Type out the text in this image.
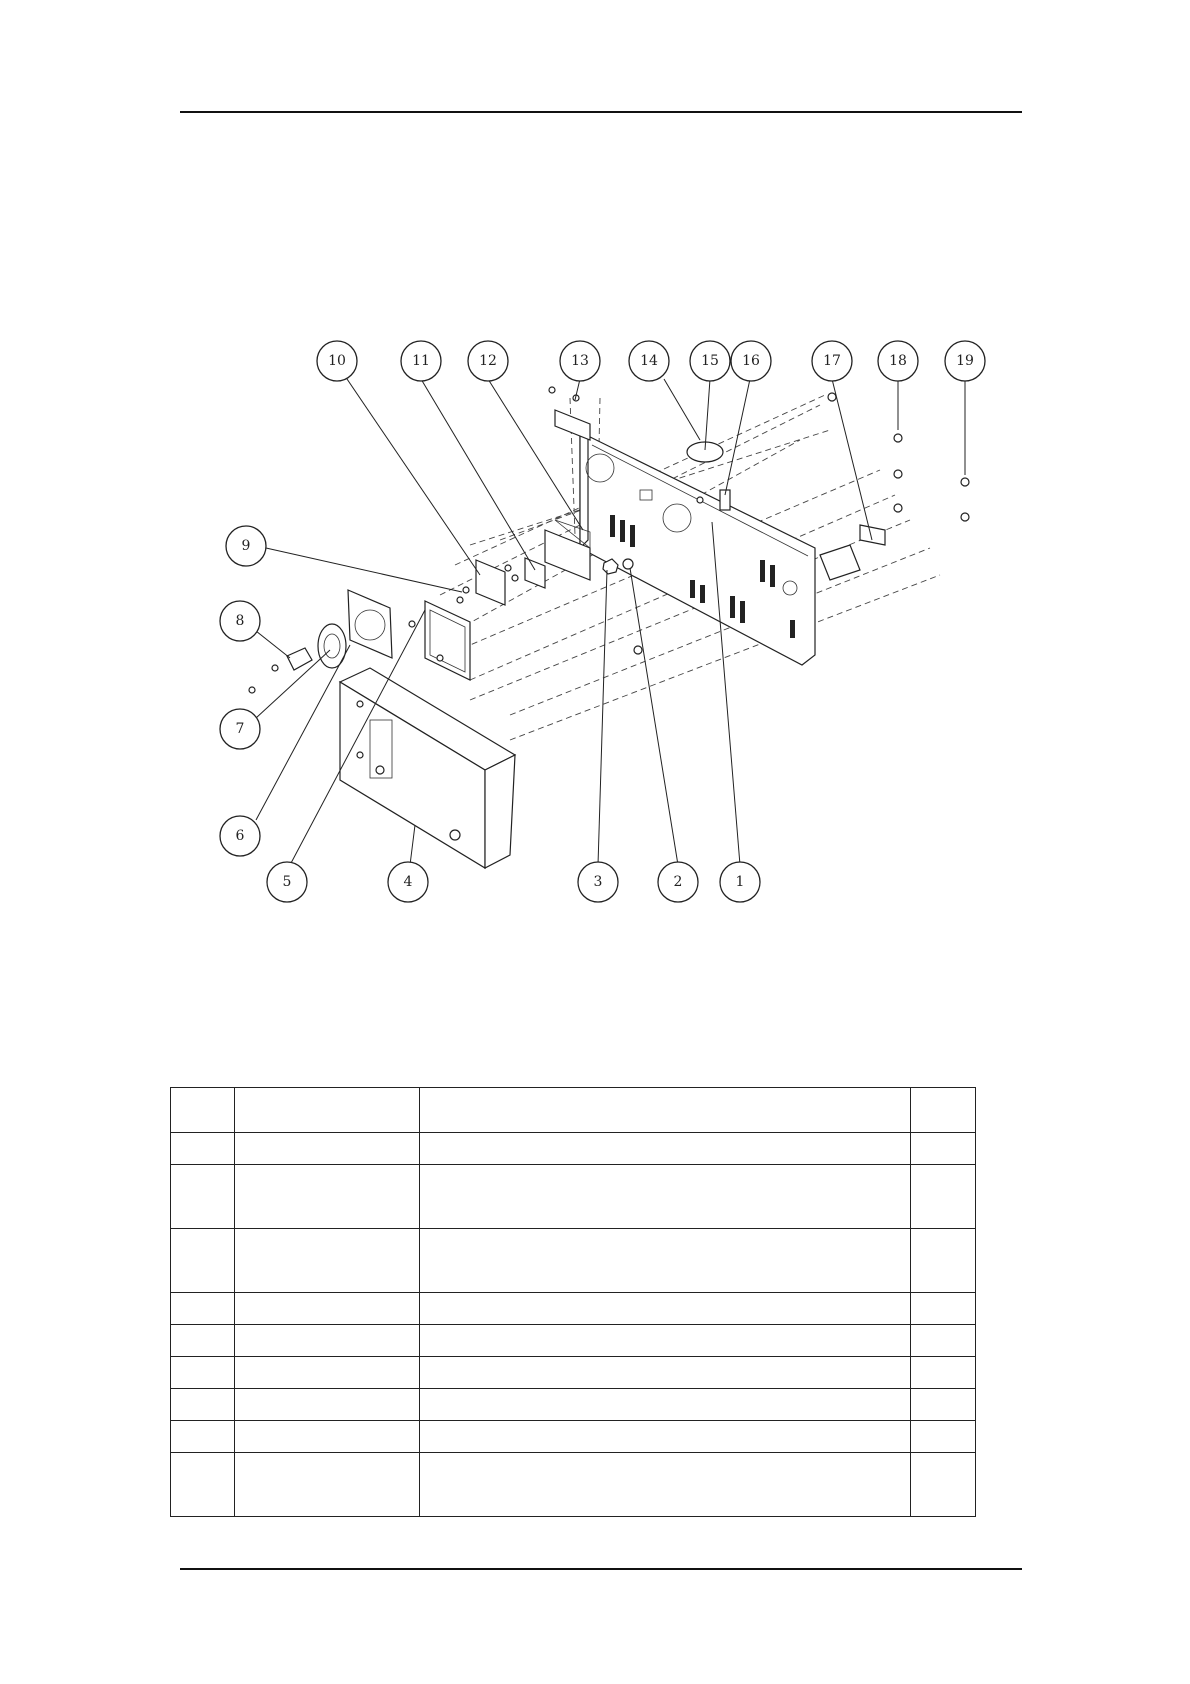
10	11	12	13	14	15 16	17	18	19
9
8
7
6
5	4	3	2	1
